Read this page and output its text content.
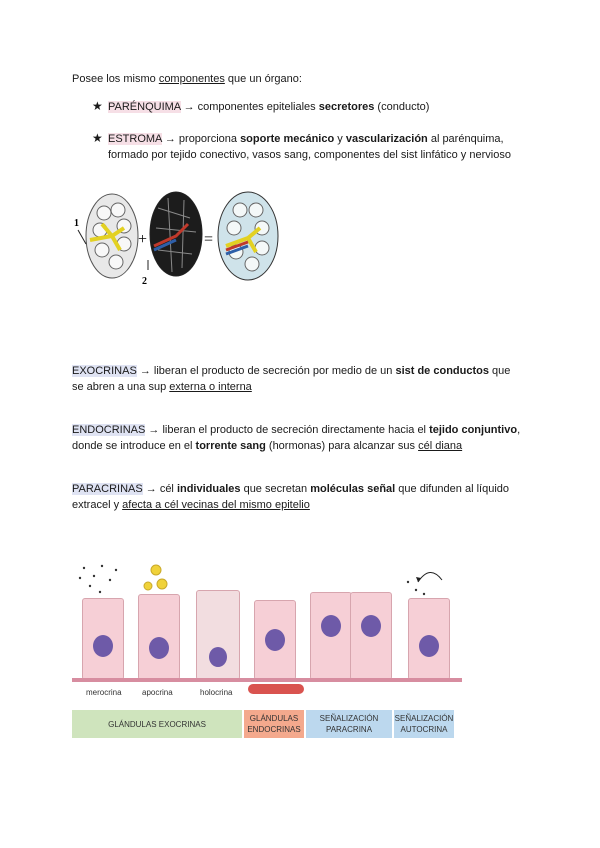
Posee los mismo componentes que un órgano:
★ PARÉNQUIMA → componentes epiteliales secretores (conducto)
★ ESTROMA → proporciona soporte mecánico y vascularización al parénquima,
formado por tejido conectivo, vasos sang, componentes del sist linfático y nervioso
1
+
2
=
EXOCRINAS → liberan el producto de secreción por medio de un sist de conductos que
se abren a una sup externa o interna
ENDOCRINAS → liberan el producto de secreción directamente hacia el tejido conjuntivo,
donde se introduce en el torrente sang (hormonas) para alcanzar sus cél diana
PARACRINAS → cél individuales que secretan moléculas señal que difunden al líquido
extracel y afecta a cél vecinas del mismo epitelio
merocrina	apocrina	holocrina
GLÁNDULAS EXOCRINAS
GLÁNDULAS ENDOCRINAS
SEÑALIZACIÓN PARACRINA
SEÑALIZACIÓN AUTOCRINA
